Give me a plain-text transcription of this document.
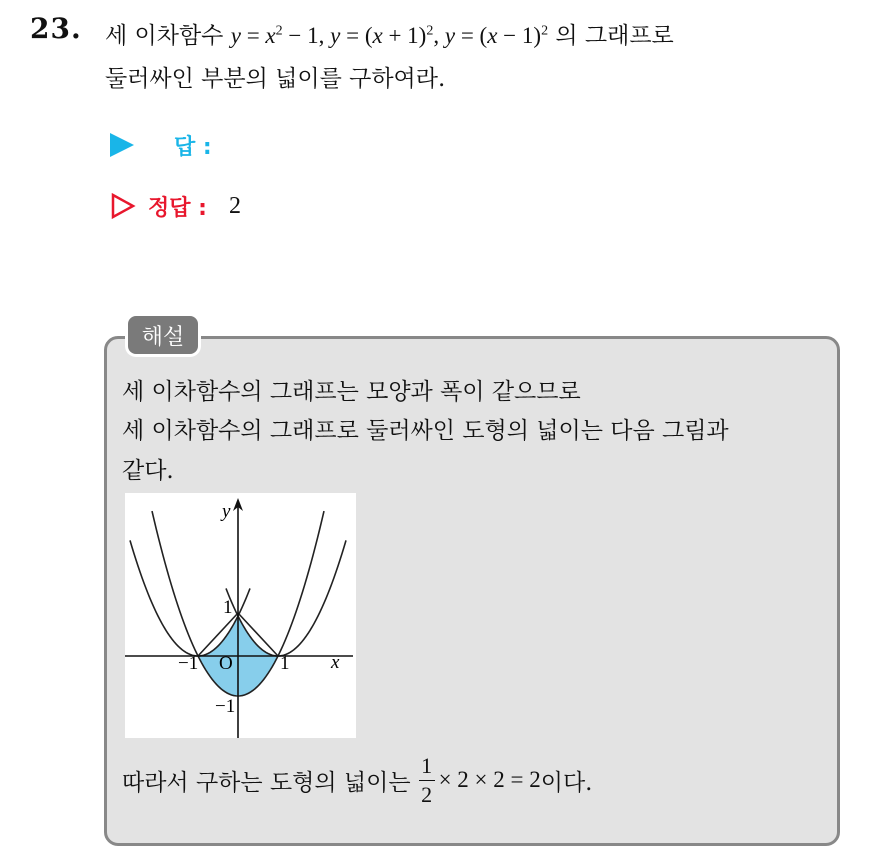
23. 세 이차함수 $y = x^2 - 1$, $y = (x + 1)^2$, $y = (x - 1)^2$ 의 그래프로
둘러싸인 부분의 넓이를 구하여라.
답 :
정답 : 2
해설
세 이차함수의 그래프는 모양과 폭이 같으므로
세 이차함수의 그래프로 둘러싸인 도형의 넓이는 다음 그림과
같다.
y
x
O
−1	1
1
−1
따라서 구하는 도형의 넓이는 $\frac{1}{2} \times 2 \times 2 = 2$ 이다.
